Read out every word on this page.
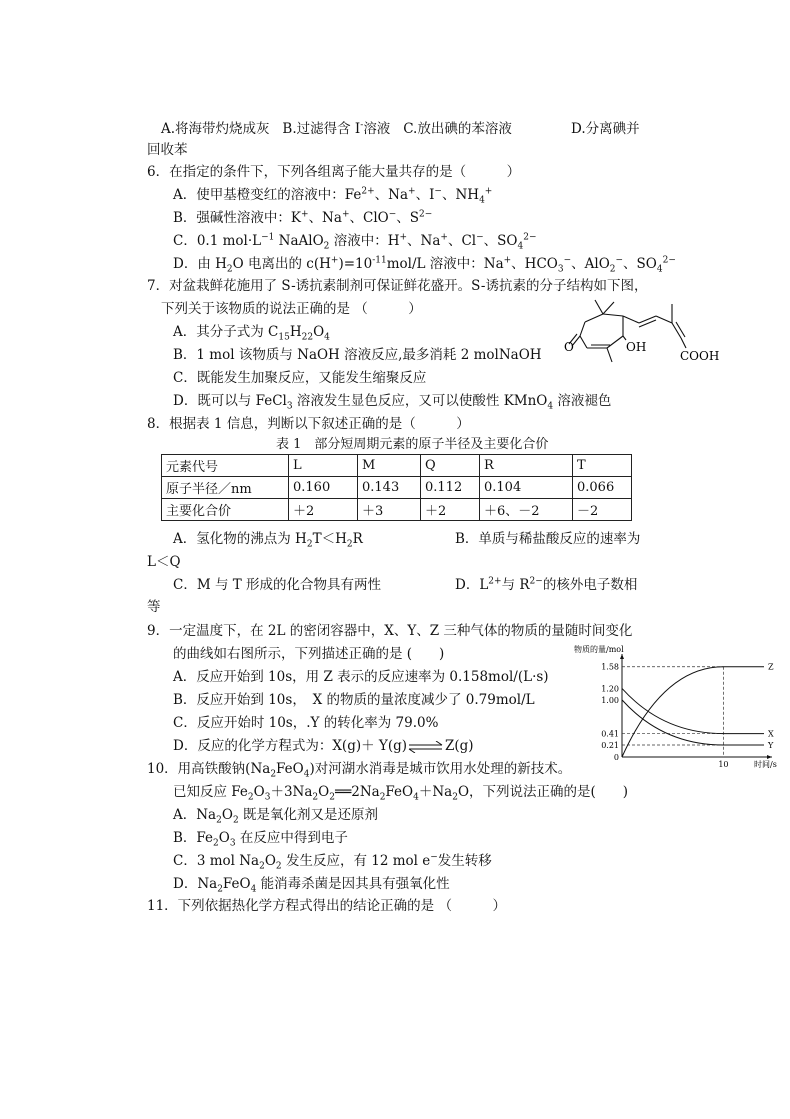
A.将海带灼烧成灰 B.过滤得含 I-溶液 C.放出碘的苯溶液	D.分离碘并
回收苯
6．在指定的条件下，下列各组离子能大量共存的是（　　　）
A．使甲基橙变红的溶液中：$Fe^{2+}$、Na+、I−、$NH_4^+$
B．强碱性溶液中：K+、Na+、ClO−、$S^{2-}$
C．0.1 $mol\cdot L^{-1}$ NaAlO$_2$ 溶液中：H+、Na+、Cl−、$SO_4^{2-}$
D．由 $H_2O$ 电离出的 $c(H^+)=10^{-11}mol/L$ 溶液中：Na+、$HCO_3^-$、AlO$_2$−、$SO_4^{2-}$
7．对盆栽鲜花施用了 S-诱抗素制剂可保证鲜花盛开。S-诱抗素的分子结构如下图，
下列关于该物质的说法正确的是 （　　　）
A．其分子式为 $C_{15}H_{22}O_4$
B．1 mol 该物质与 NaOH 溶液反应,最多消耗 2 molNaOH
C．既能发生加聚反应，又能发生缩聚反应
D．既可以与 FeCl$_3$ 溶液发生显色反应，又可以使酸性 KMnO$_4$ 溶液褪色
O	OH
COOH
8．根据表 1 信息，判断以下叙述正确的是（　　　）
表 1　部分短周期元素的原子半径及主要化合价
元素代号	L	M	Q	R	T
原子半径／nm	0.160	0.143	0.112	0.104	0.066
主要化合价	＋2	＋3	＋2	＋6、－2	－2
A．氢化物的沸点为 $H_2T<H_2R$	B．单质与稀盐酸反应的速率为
L＜Q
C．M 与 T 形成的化合物具有两性	D．$L^{2+}$与 $R^{2-}$的核外电子数相
等
9．一定温度下，在 2L 的密闭容器中，X、Y、Z 三种气体的物质的量随时间变化
的曲线如右图所示，下列描述正确的是 (　　)
A．反应开始到 10s，用 Z 表示的反应速率为 0.158mol/(L·s)
B．反应开始到 10s，　X 的物质的量浓度减少了 0.79mol/L
C．反应开始时 10s，.Y 的转化率为 79.0%
D．反应的化学方程式为：X(g)＋ Y(g)⇌Z(g)
物质的量/mol
时间/s
1.58
1.20
1.00
0.41
0.21
0
10
Z
X
Y
10．用高铁酸钠$(Na_2FeO_4)$对河湖水消毒是城市饮用水处理的新技术。
已知反应 $Fe_2O_3+3Na_2O_2══2Na_2FeO_4+Na_2O$，下列说法正确的是(　　)
A．$Na_2O_2$ 既是氧化剂又是还原剂
B．$Fe_2O_3$ 在反应中得到电子
C．3 mol $Na_2O_2$ 发生反应，有 12 mol e−发生转移
D．$Na_2FeO_4$ 能消毒杀菌是因其具有强氧化性
11．下列依据热化学方程式得出的结论正确的是 （　　　）
